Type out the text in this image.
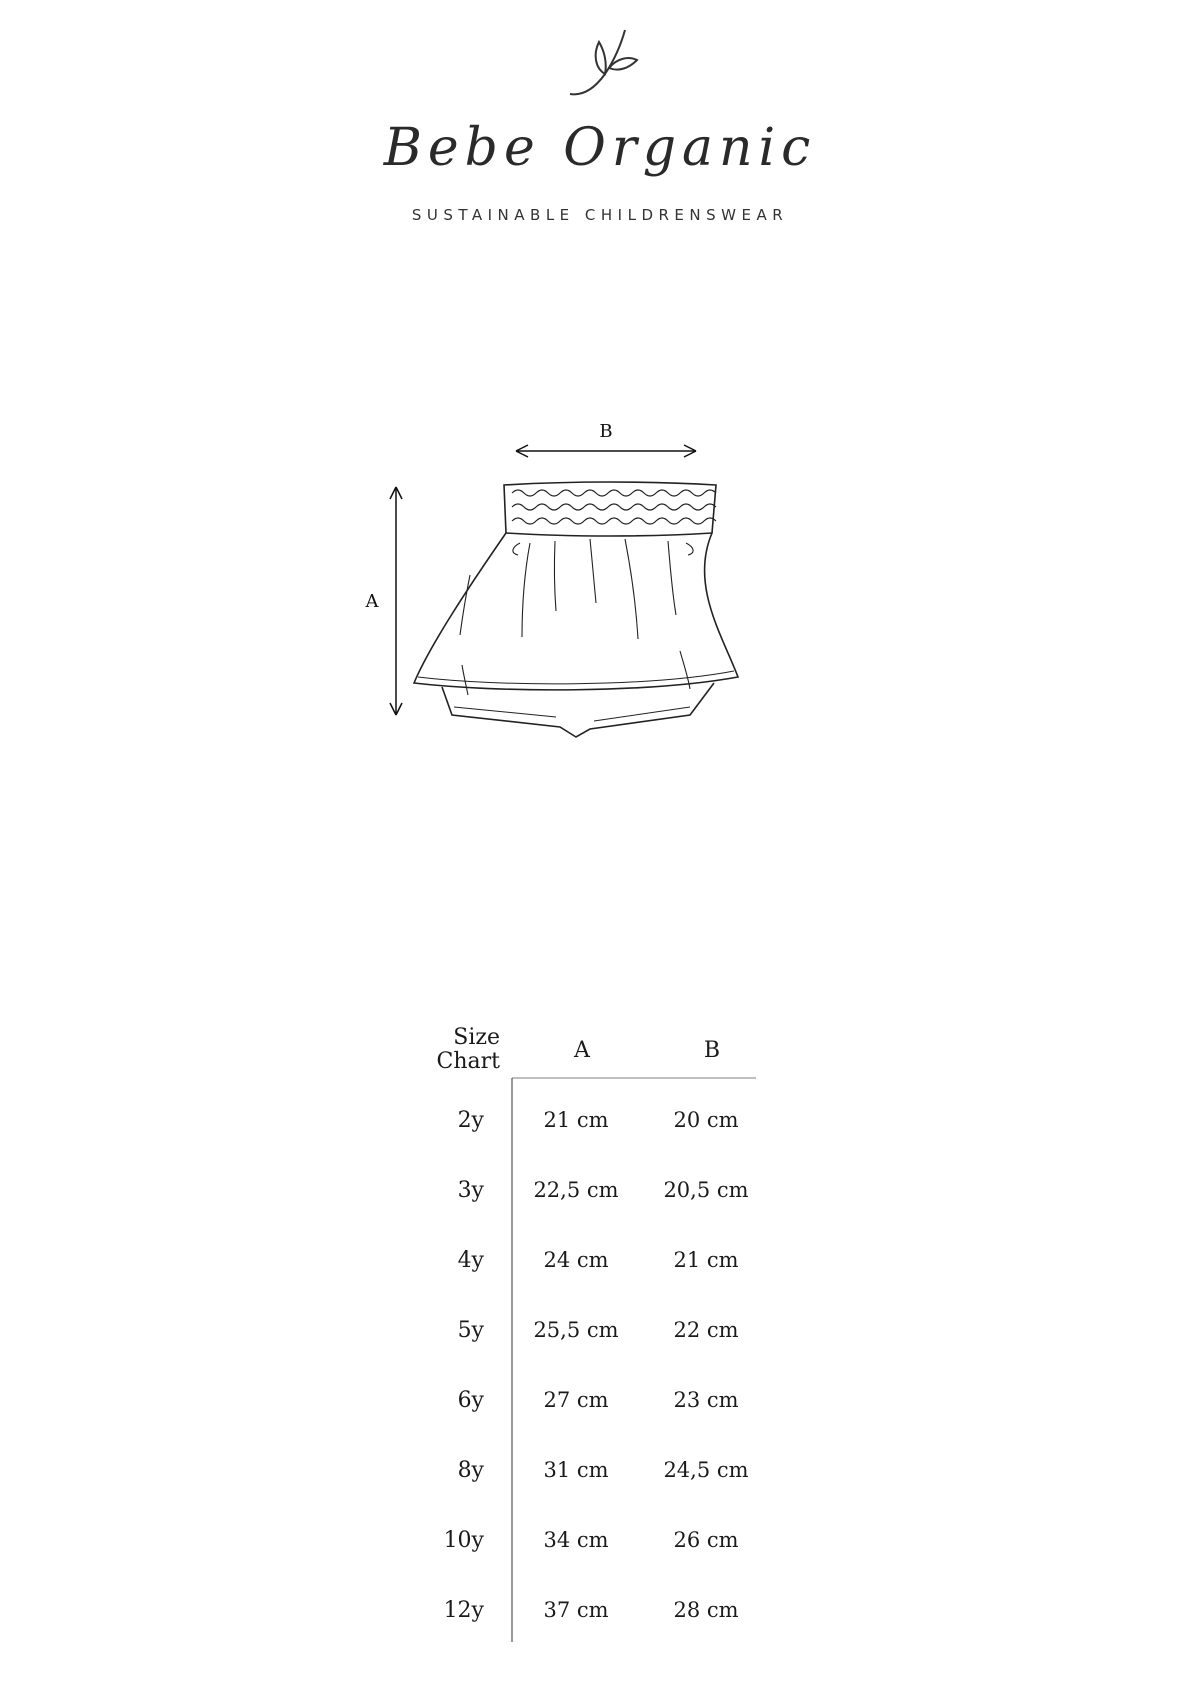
Bebe Organic
SUSTAINABLE CHILDRENSWEAR
B
A
Size
Chart	A	B
2y	21 cm	20 cm
3y	22,5 cm	20,5 cm
4y	24 cm	21 cm
5y	25,5 cm	22 cm
6y	27 cm	23 cm
8y	31 cm	24,5 cm
10y	34 cm	26 cm
12y	37 cm	28 cm
